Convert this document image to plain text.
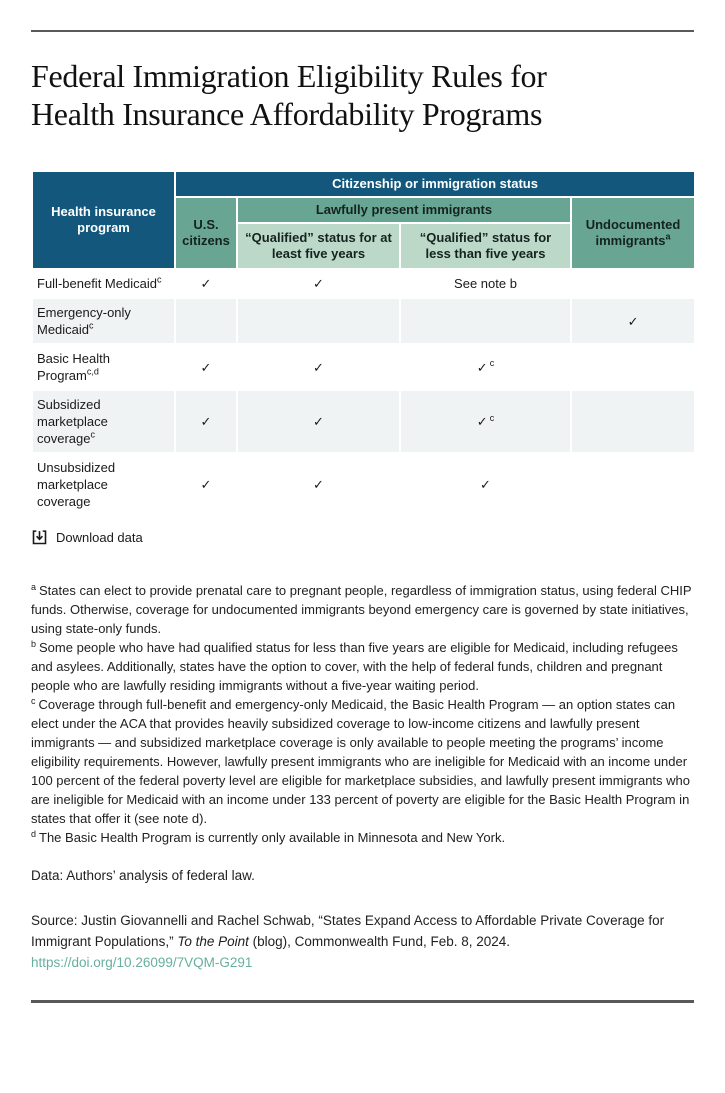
Federal Immigration Eligibility Rules for
Health Insurance Affordability Programs
Health insurance program	Citizenship or immigration status			
	U.S. citizens	Lawfully present immigrants		Undocumented immigrants$^a$
		“Qualified” status for at least five years	“Qualified” status for less than five years	
Full-benefit Medicaid$^c$	✓	✓	See note b	
Emergency-only
Medicaid$^c$				✓
Basic Health
Program$^{c,d}$	✓	✓	✓ $^c$	
Subsidized
marketplace
coverage$^c$	✓	✓	✓ $^c$	
Unsubsidized
marketplace
coverage	✓	✓	✓	
Download data
$^a$ States can elect to provide prenatal care to pregnant people, regardless of immigration status, using federal CHIP funds. Otherwise, coverage for undocumented immigrants beyond emergency care is governed by state initiatives, using state-only funds.
$^b$ Some people who have had qualified status for less than five years are eligible for Medicaid, including refugees and asylees. Additionally, states have the option to cover, with the help of federal funds, children and pregnant people who are lawfully residing immigrants without a five-year waiting period.
$^c$ Coverage through full-benefit and emergency-only Medicaid, the Basic Health Program — an option states can elect under the ACA that provides heavily subsidized coverage to low-income citizens and lawfully present immigrants — and subsidized marketplace coverage is only available to people meeting the programs’ income eligibility requirements. However, lawfully present immigrants who are ineligible for Medicaid with an income under 100 percent of the federal poverty level are eligible for marketplace subsidies, and lawfully present immigrants who are ineligible for Medicaid with an income under 133 percent of poverty are eligible for the Basic Health Program in states that offer it (see note d).
$^d$ The Basic Health Program is currently only available in Minnesota and New York.
Data: Authors’ analysis of federal law.
Source: Justin Giovannelli and Rachel Schwab, “States Expand Access to Affordable Private Coverage for Immigrant Populations,” To the Point (blog), Commonwealth Fund, Feb. 8, 2024. https://doi.org/10.26099/7VQM-G291
